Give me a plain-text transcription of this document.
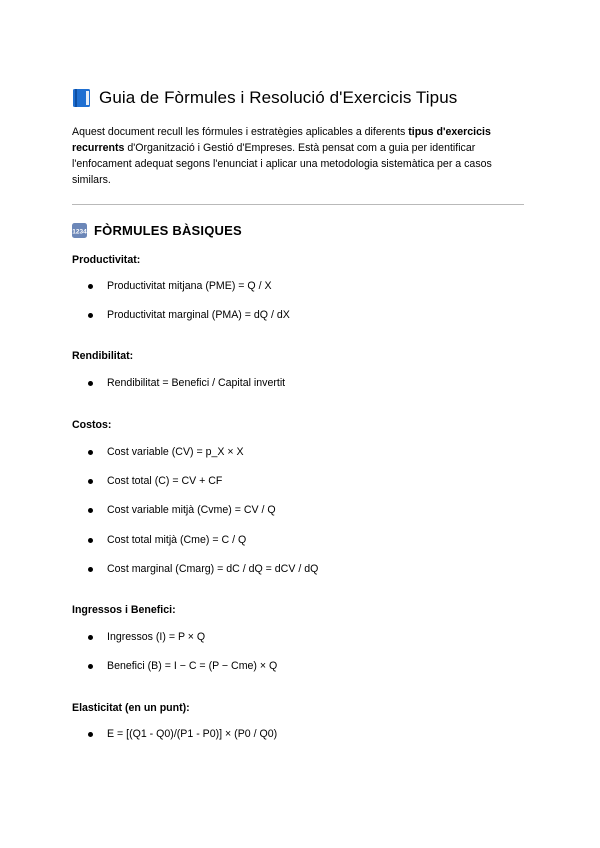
Guia de Fòrmules i Resolució d'Exercicis Tipus
Aquest document recull les fórmules i estratègies aplicables a diferents tipus d'exercicis recurrents d'Organització i Gestió d'Empreses. Està pensat com a guia per identificar l'enfocament adequat segons l'enunciat i aplicar una metodologia sistemàtica per a casos similars.
1234 FÒRMULES BÀSIQUES
Productivitat:
Productivitat mitjana (PME) = Q / X
Productivitat marginal (PMA) = dQ / dX
Rendibilitat:
Rendibilitat = Benefici / Capital invertit
Costos:
Cost variable (CV) = p_X × X
Cost total (C) = CV + CF
Cost variable mitjà (Cvme) = CV / Q
Cost total mitjà (Cme) = C / Q
Cost marginal (Cmarg) = dC / dQ = dCV / dQ
Ingressos i Benefici:
Ingressos (I) = P × Q
Benefici (B) = I − C = (P − Cme) × Q
Elasticitat (en un punt):
E = [(Q1 - Q0)/(P1 - P0)] × (P0 / Q0)
